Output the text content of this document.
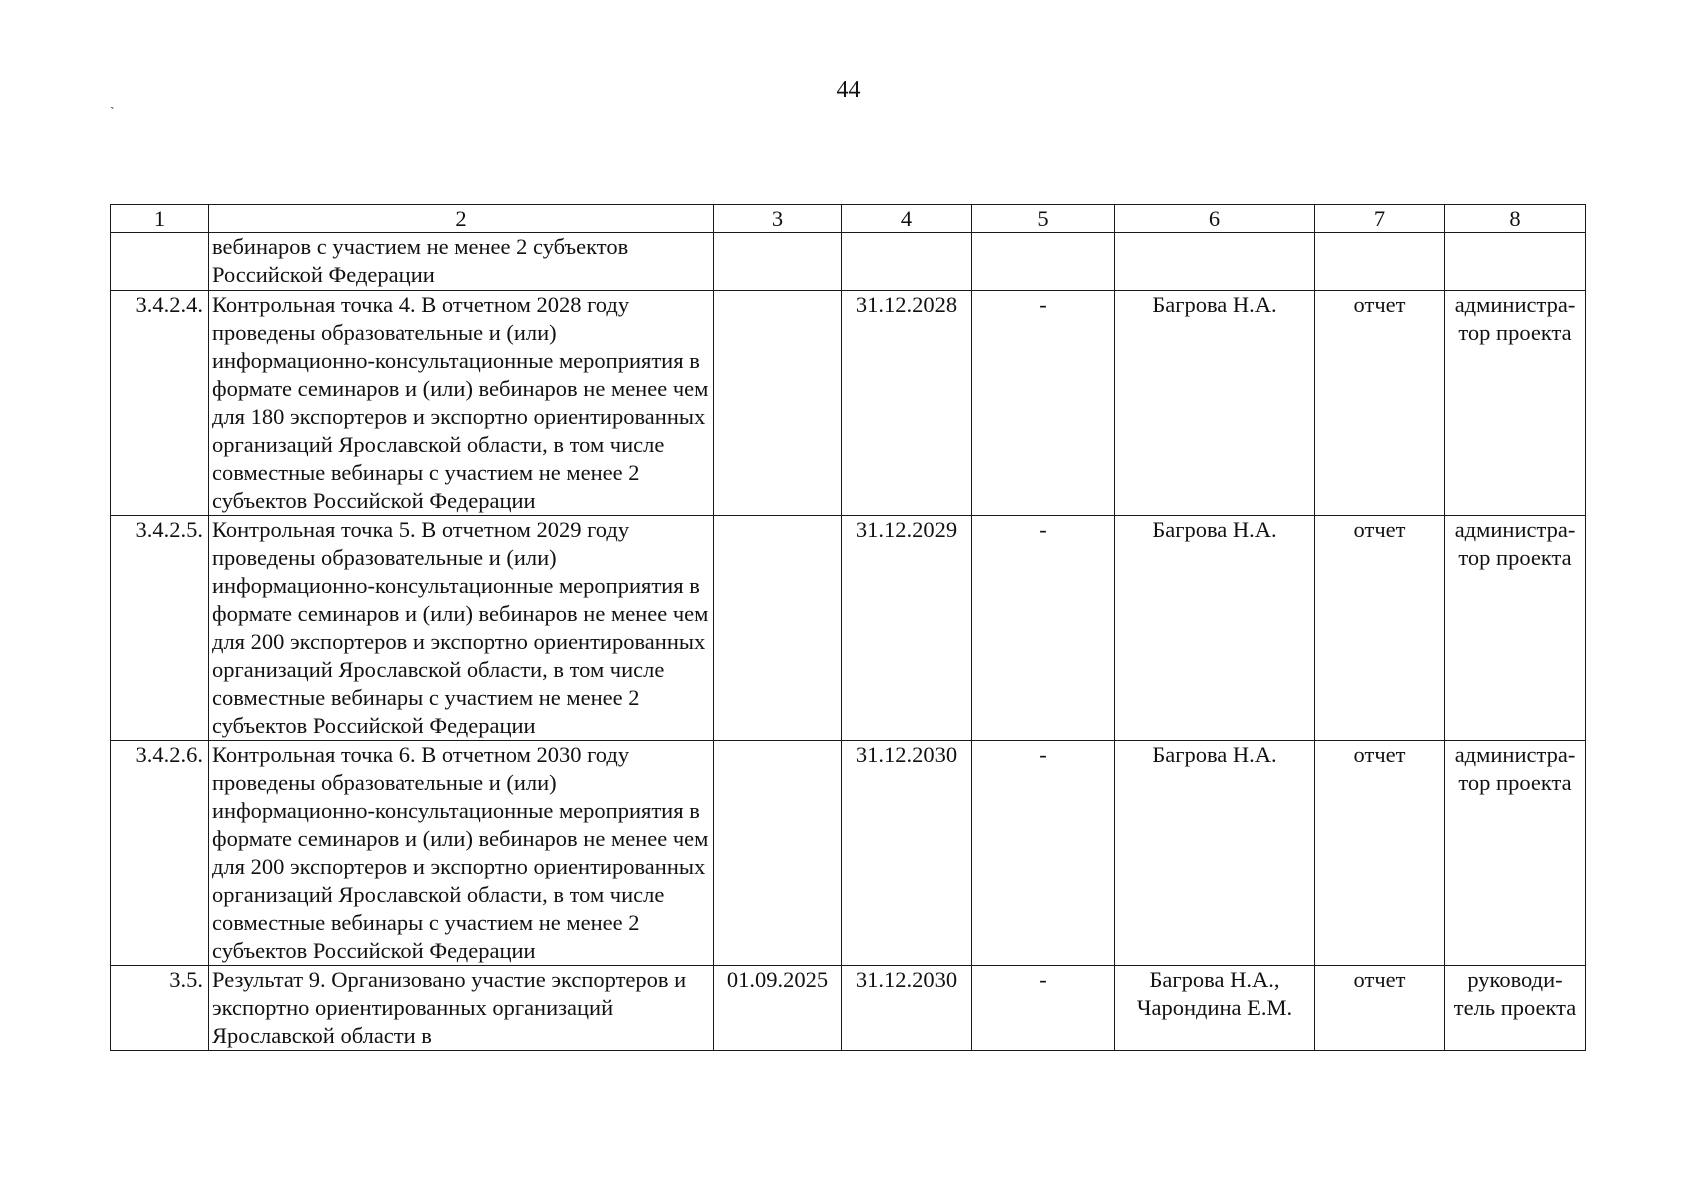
44
ˏ
1	2	3	4	5	6	7	8
	вебинаров с участием не менее 2 субъектов Российской Федерации						
3.4.2.4.	Контрольная точка 4. В отчетном 2028 году проведены образовательные и (или) информационно-консультационные мероприятия в формате семинаров и (или) вебинаров не менее чем для 180 экспортеров и экспортно ориентированных организаций Ярославской области, в том числе совместные вебинары с участием не менее 2 субъектов Российской Федерации		31.12.2028	-	Багрова Н.А.	отчет	администра-тор проекта
3.4.2.5.	Контрольная точка 5. В отчетном 2029 году проведены образовательные и (или) информационно-консультационные мероприятия в формате семинаров и (или) вебинаров не менее чем для 200 экспортеров и экспортно ориентированных организаций Ярославской области, в том числе совместные вебинары с участием не менее 2 субъектов Российской Федерации		31.12.2029	-	Багрова Н.А.	отчет	администра-тор проекта
3.4.2.6.	Контрольная точка 6. В отчетном 2030 году проведены образовательные и (или) информационно-консультационные мероприятия в формате семинаров и (или) вебинаров не менее чем для 200 экспортеров и экспортно ориентированных организаций Ярославской области, в том числе совместные вебинары с участием не менее 2 субъектов Российской Федерации		31.12.2030	-	Багрова Н.А.	отчет	администра-тор проекта
3.5.	Результат 9. Организовано участие экспортеров и экспортно ориентированных организаций Ярославской области в	01.09.2025	31.12.2030	-	Багрова Н.А., Чарондина Е.М.	отчет	руководи-тель проекта
